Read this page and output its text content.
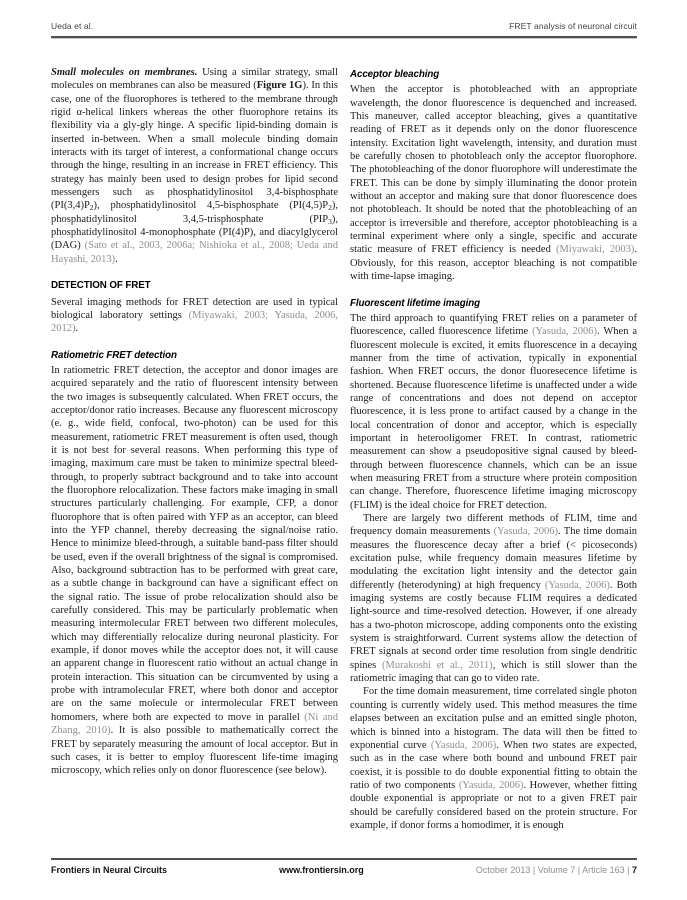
Ueda et al.	FRET analysis of neuronal circuit

Small molecules on membranes. Using a similar strategy, small molecules on membranes can also be measured (Figure 1G). In this case, one of the fluorophores is tethered to the membrane through rigid α-helical linkers whereas the other fluorophore retains its flexibility via a gly-gly hinge. A specific lipid-binding domain is inserted in-between. When a small molecule binding domain interacts with its target of interest, a conformational change occurs through the hinge, resulting in an increase in FRET efficiency. This strategy has mainly been used to design probes for lipid second messengers such as phosphatidylinositol 3,4-bisphosphate $(PI(3,4)P_2)$, phosphatidylinositol 4,5-bisphosphate $(PI(4,5)P_2)$, phosphatidylinositol 3,4,5-trisphosphate $(PIP_3)$, phosphatidylinositol 4-monophosphate (PI(4)P), and diacylglycerol (DAG) (Sato et al., 2003, 2006a; Nishioka et al., 2008; Ueda and Hayashi, 2013).

DETECTION OF FRET

Several imaging methods for FRET detection are used in typical biological laboratory settings (Miyawaki, 2003; Yasuda, 2006, 2012).

Ratiometric FRET detection

In ratiometric FRET detection, the acceptor and donor images are acquired separately and the ratio of fluorescent intensity between the two images is subsequently calculated. When FRET occurs, the acceptor/donor ratio increases. Because any fluorescent microscopy (e. g., wide field, confocal, two-photon) can be used for this measurement, ratiometric FRET measurement is often used, though it is not best for several reasons. When performing this type of imaging, maximum care must be taken to minimize spectral bleed-through, to properly subtract background and to take into account the fluorophore relocalization. These factors make imaging in small structures particularly challenging. For example, CFP, a donor fluorophore that is often paired with YFP as an acceptor, can bleed into the YFP channel, thereby decreasing the signal/noise ratio. Hence to minimize bleed-through, a suitable band-pass filter should be used, even if the overall brightness of the signal is compromised. Also, background subtraction has to be performed with great care, as a subtle change in background can have a significant effect on the signal ratio. The issue of probe relocalization should also be carefully considered. This may be particularly problematic when measuring intermolecular FRET between two different molecules, which may differentially relocalize during neuronal plasticity. For example, if donor moves while the acceptor does not, it will cause an apparent change in fluorescent ratio without an actual change in protein interaction. This situation can be circumvented by using a probe with intramolecular FRET, where both donor and acceptor are on the same molecule or intermolecular FRET between homomers, where both are expected to move in parallel (Ni and Zhang, 2010). It is also possible to mathematically correct the FRET by separately measuring the amount of local acceptor. But in such cases, it is better to employ fluorescent life-time imaging microscopy, which relies only on donor fluorescence (see below).

Acceptor bleaching

When the acceptor is photobleached with an appropriate wavelength, the donor fluorescence is dequenched and increased. This maneuver, called acceptor bleaching, gives a quantitative reading of FRET as it depends only on the donor fluorescence intensity. Excitation light wavelength, intensity, and duration must be carefully chosen to photobleach only the acceptor fluorophore. The photobleaching of the donor fluorophore will underestimate the FRET. This can be done by simply illuminating the donor protein without an acceptor and making sure that donor fluorescence does not photobleach. It should be noted that the photobleaching of an acceptor is irreversible and therefore, acceptor photobleaching is a terminal experiment where only a single, specific and accurate static measure of FRET efficiency is needed (Miyawaki, 2003). Obviously, for this reason, acceptor bleaching is not compatible with time-lapse imaging.

Fluorescent lifetime imaging

The third approach to quantifying FRET relies on a parameter of fluorescence, called fluorescence lifetime (Yasuda, 2006). When a fluorescent molecule is excited, it emits fluorescence in a decaying manner from the time of activation, typically in exponential fashion. When FRET occurs, the donor fluoresecence lifetime is shortened. Because fluorescence lifetime is unaffected under a wide range of concentrations and does not depend on acceptor fluorescence, it is less prone to artifact caused by a change in the local concentration of donor and acceptor, which is especially important in heterooligomer FRET. In contrast, ratiometric measurement can show a pseudopositive signal caused by bleed-through between fluorescence channels, which can be an issue when measuring FRET from a structure where protein composition can change. Therefore, fluorescence lifetime imaging microscopy (FLIM) is the ideal choice for FRET detection.

There are largely two different methods of FLIM, time and frequency domain measurements (Yasuda, 2006). The time domain measures the fluorescence decay after a brief (< picoseconds) excitation pulse, while frequency domain measures lifetime by modulating the excitation light intensity and the detector gain differently (heterodyning) at high frequency (Yasuda, 2006). Both imaging systems are costly because FLIM requires a dedicated light-source and time-resolved detection. However, if one already has a two-photon microscope, adding components onto the existing system is straightforward. Current systems allow the detection of FRET signals at second order time resolution from single dendritic spines (Murakoshi et al., 2011), which is still slower than the ratiometric imaging that can go to video rate.

For the time domain measurement, time correlated single photon counting is currently widely used. This method measures the time elapses between an excitation pulse and an emitted single photon, which is binned into a histogram. The data will then be fitted to exponential curve (Yasuda, 2006). When two states are expected, such as in the case where both bound and unbound FRET pair coexist, it is possible to do double exponential fitting to obtain the ratio of two components (Yasuda, 2006). However, whether fitting double exponential is appropriate or not to a given FRET pair should be carefully considered based on the protein structure. For example, if donor forms a homodimer, it is enough

Frontiers in Neural Circuits	www.frontiersin.org	October 2013 | Volume 7 | Article 163 | 7
